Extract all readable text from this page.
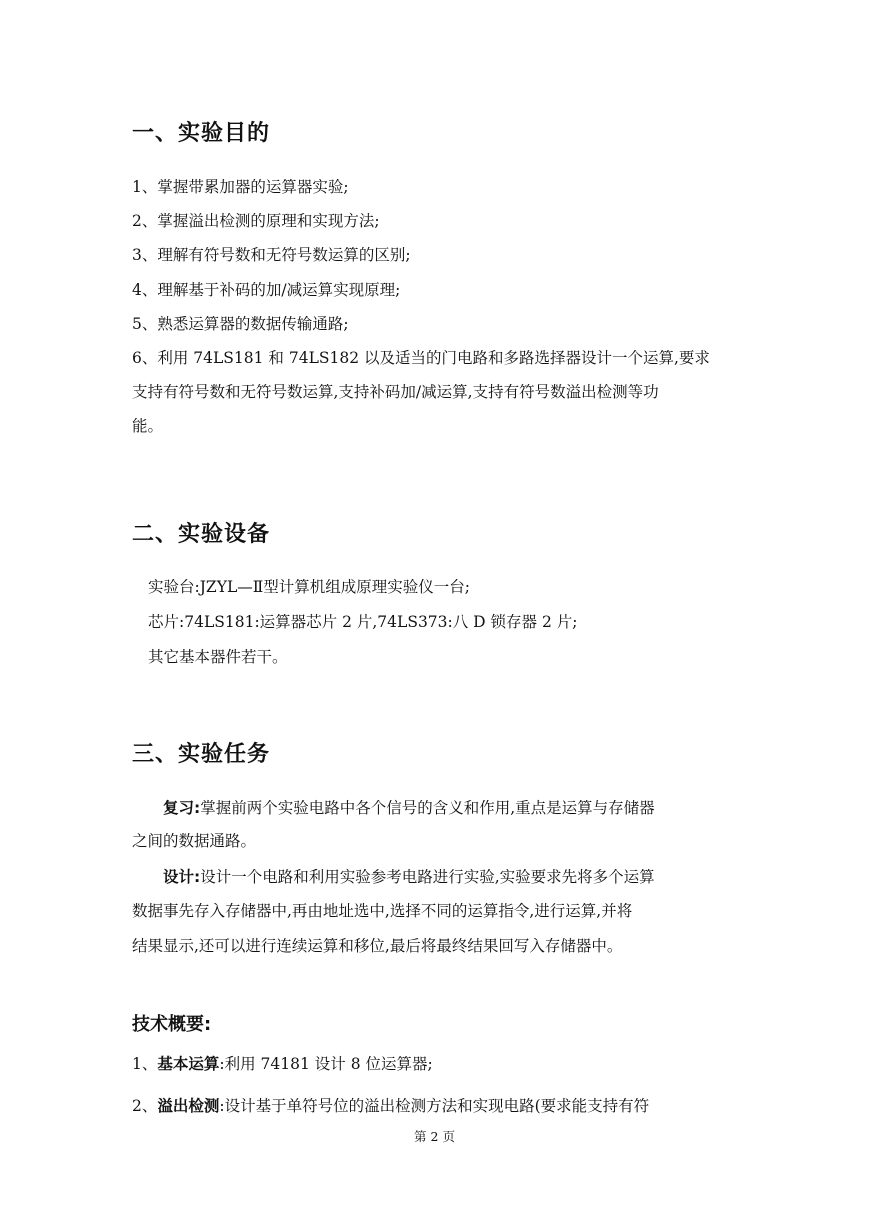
一、实验目的
1、掌握带累加器的运算器实验;
2、掌握溢出检测的原理和实现方法;
3、理解有符号数和无符号数运算的区别;
4、理解基于补码的加/减运算实现原理;
5、熟悉运算器的数据传输通路;
6、利用 74LS181 和 74LS182 以及适当的门电路和多路选择器设计一个运算,要求
支持有符号数和无符号数运算,支持补码加/减运算,支持有符号数溢出检测等功
能。
二、实验设备
实验台:JZYL—Ⅱ型计算机组成原理实验仪一台;
芯片:74LS181:运算器芯片 2 片,74LS373:八 D 锁存器 2 片;
其它基本器件若干。
三、实验任务
复习:掌握前两个实验电路中各个信号的含义和作用,重点是运算与存储器
之间的数据通路。
设计:设计一个电路和利用实验参考电路进行实验,实验要求先将多个运算
数据事先存入存储器中,再由地址选中,选择不同的运算指令,进行运算,并将
结果显示,还可以进行连续运算和移位,最后将最终结果回写入存储器中。
技术概要:
1、基本运算:利用 74181 设计 8 位运算器;
2、溢出检测:设计基于单符号位的溢出检测方法和实现电路(要求能支持有符
第 2 页
